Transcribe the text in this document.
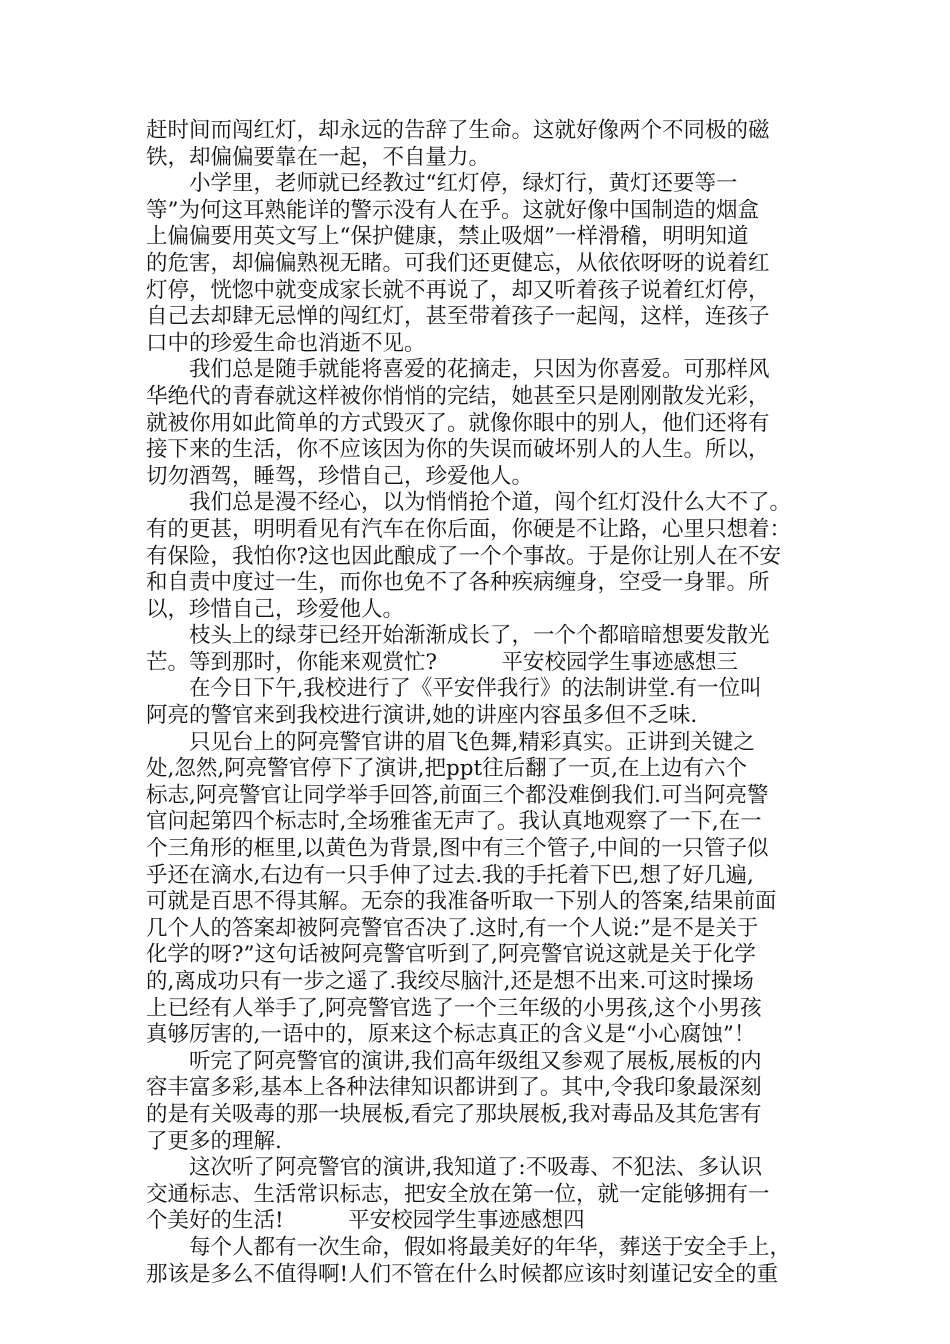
赶时间而闯红灯，却永远的告辞了生命。这就好像两个不同极的磁
铁，却偏偏要靠在一起，不自量力。
　　小学里，老师就已经教过“红灯停，绿灯行，黄灯还要等一
等”为何这耳熟能详的警示没有人在乎。这就好像中国制造的烟盒
上偏偏要用英文写上“保护健康，禁止吸烟”一样滑稽，明明知道
的危害，却偏偏熟视无睹。可我们还更健忘，从依依呀呀的说着红
灯停，恍惚中就变成家长就不再说了，却又听着孩子说着红灯停，
自己去却肆无忌惮的闯红灯，甚至带着孩子一起闯，这样，连孩子
口中的珍爱生命也消逝不见。
　　我们总是随手就能将喜爱的花摘走，只因为你喜爱。可那样风
华绝代的青春就这样被你悄悄的完结，她甚至只是刚刚散发光彩，
就被你用如此简单的方式毁灭了。就像你眼中的别人，他们还将有
接下来的生活，你不应该因为你的失误而破坏别人的人生。所以，
切勿酒驾，睡驾，珍惜自己，珍爱他人。
　　我们总是漫不经心，以为悄悄抢个道，闯个红灯没什么大不了。
有的更甚，明明看见有汽车在你后面，你硬是不让路，心里只想着：
有保险，我怕你?这也因此酿成了一个个事故。于是你让别人在不安
和自责中度过一生，而你也免不了各种疾病缠身，空受一身罪。所
以，珍惜自己，珍爱他人。
　　枝头上的绿芽已经开始渐渐成长了，一个个都暗暗想要发散光
芒。等到那时，你能来观赏忙?　　　平安校园学生事迹感想三
　　在今日下午,我校进行了《平安伴我行》的法制讲堂.有一位叫
阿亮的警官来到我校进行演讲,她的讲座内容虽多但不乏味.
　　只见台上的阿亮警官讲的眉飞色舞,精彩真实。正讲到关键之
处,忽然,阿亮警官停下了演讲,把ppt往后翻了一页,在上边有六个
标志,阿亮警官让同学举手回答,前面三个都没难倒我们.可当阿亮警
官问起第四个标志时,全场雅雀无声了。我认真地观察了一下,在一
个三角形的框里,以黄色为背景,图中有三个管子,中间的一只管子似
乎还在滴水,右边有一只手伸了过去.我的手托着下巴,想了好几遍,
可就是百思不得其解。无奈的我准备听取一下别人的答案,结果前面
几个人的答案却被阿亮警官否决了.这时,有一个人说:”是不是关于
化学的呀?”这句话被阿亮警官听到了,阿亮警官说这就是关于化学
的,离成功只有一步之遥了.我绞尽脑汁,还是想不出来.可这时操场
上已经有人举手了,阿亮警官选了一个三年级的小男孩,这个小男孩
真够厉害的,一语中的，原来这个标志真正的含义是“小心腐蚀”！
　　听完了阿亮警官的演讲,我们高年级组又参观了展板,展板的内
容丰富多彩,基本上各种法律知识都讲到了。其中,令我印象最深刻
的是有关吸毒的那一块展板,看完了那块展板,我对毒品及其危害有
了更多的理解.
　　这次听了阿亮警官的演讲,我知道了:不吸毒、不犯法、多认识
交通标志、生活常识标志，把安全放在第一位，就一定能够拥有一
个美好的生活!　　　平安校园学生事迹感想四
　　每个人都有一次生命，假如将最美好的年华，葬送于安全手上，
那该是多么不值得啊!人们不管在什么时候都应该时刻谨记安全的重
